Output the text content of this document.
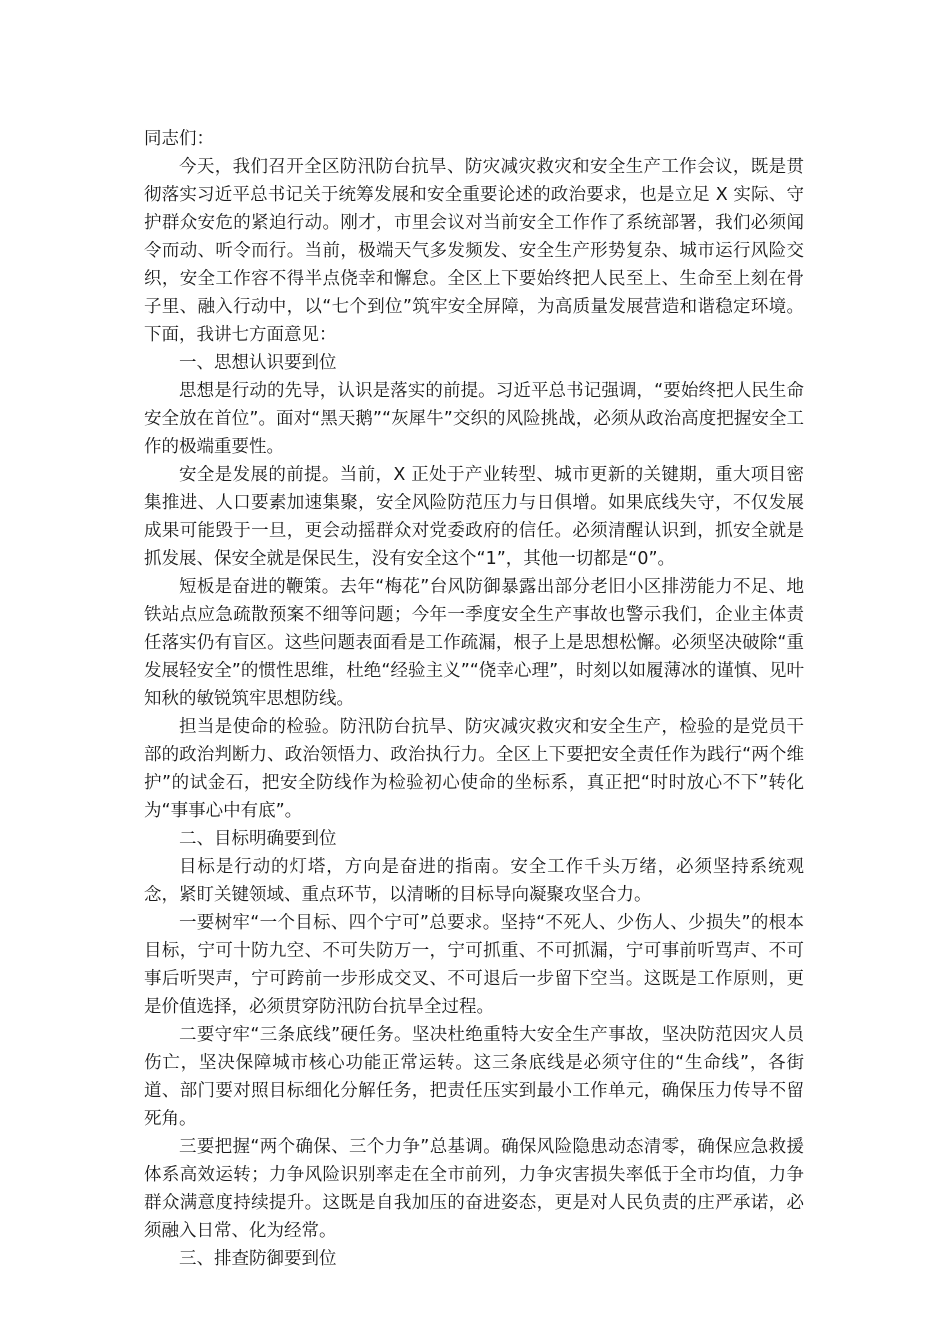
同志们：

今天，我们召开全区防汛防台抗旱、防灾减灾救灾和安全生产工作会议，既是贯彻落实习近平总书记关于统筹发展和安全重要论述的政治要求，也是立足 X 实际、守护群众安危的紧迫行动。刚才，市里会议对当前安全工作作了系统部署，我们必须闻令而动、听令而行。当前，极端天气多发频发、安全生产形势复杂、城市运行风险交织，安全工作容不得半点侥幸和懈怠。全区上下要始终把人民至上、生命至上刻在骨子里、融入行动中，以“七个到位”筑牢安全屏障，为高质量发展营造和谐稳定环境。下面，我讲七方面意见：

一、思想认识要到位

思想是行动的先导，认识是落实的前提。习近平总书记强调，“要始终把人民生命安全放在首位”。面对“黑天鹅”“灰犀牛”交织的风险挑战，必须从政治高度把握安全工作的极端重要性。

安全是发展的前提。当前，X 正处于产业转型、城市更新的关键期，重大项目密集推进、人口要素加速集聚，安全风险防范压力与日俱增。如果底线失守，不仅发展成果可能毁于一旦，更会动摇群众对党委政府的信任。必须清醒认识到，抓安全就是抓发展、保安全就是保民生，没有安全这个“1”，其他一切都是“0”。

短板是奋进的鞭策。去年“梅花”台风防御暴露出部分老旧小区排涝能力不足、地铁站点应急疏散预案不细等问题；今年一季度安全生产事故也警示我们，企业主体责任落实仍有盲区。这些问题表面看是工作疏漏，根子上是思想松懈。必须坚决破除“重发展轻安全”的惯性思维，杜绝“经验主义”“侥幸心理”，时刻以如履薄冰的谨慎、见叶知秋的敏锐筑牢思想防线。

担当是使命的检验。防汛防台抗旱、防灾减灾救灾和安全生产，检验的是党员干部的政治判断力、政治领悟力、政治执行力。全区上下要把安全责任作为践行“两个维护”的试金石，把安全防线作为检验初心使命的坐标系，真正把“时时放心不下”转化为“事事心中有底”。

二、目标明确要到位

目标是行动的灯塔，方向是奋进的指南。安全工作千头万绪，必须坚持系统观念，紧盯关键领域、重点环节，以清晰的目标导向凝聚攻坚合力。

一要树牢“一个目标、四个宁可”总要求。坚持“不死人、少伤人、少损失”的根本目标，宁可十防九空、不可失防万一，宁可抓重、不可抓漏，宁可事前听骂声、不可事后听哭声，宁可跨前一步形成交叉、不可退后一步留下空当。这既是工作原则，更是价值选择，必须贯穿防汛防台抗旱全过程。

二要守牢“三条底线”硬任务。坚决杜绝重特大安全生产事故，坚决防范因灾人员伤亡，坚决保障城市核心功能正常运转。这三条底线是必须守住的“生命线”，各街道、部门要对照目标细化分解任务，把责任压实到最小工作单元，确保压力传导不留死角。

三要把握“两个确保、三个力争”总基调。确保风险隐患动态清零，确保应急救援体系高效运转；力争风险识别率走在全市前列，力争灾害损失率低于全市均值，力争群众满意度持续提升。这既是自我加压的奋进姿态，更是对人民负责的庄严承诺，必须融入日常、化为经常。

三、排查防御要到位
